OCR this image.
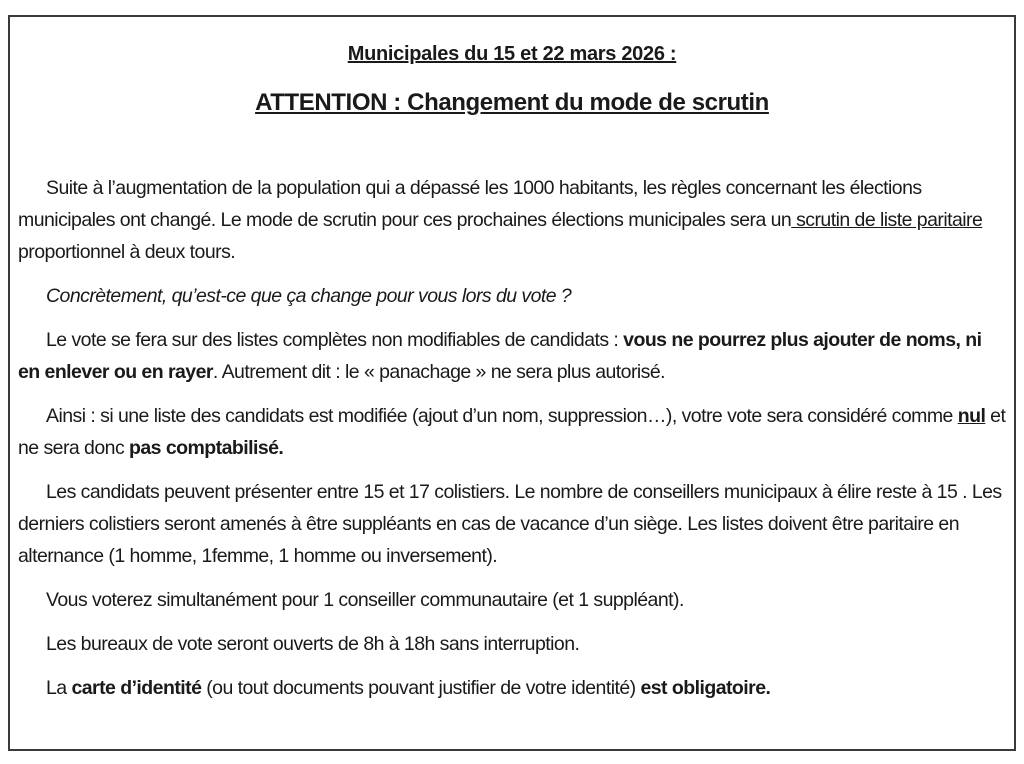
Municipales du 15 et 22 mars 2026 :
ATTENTION : Changement du mode de scrutin

Suite à l’augmentation de la population qui a dépassé les 1000 habitants, les règles concernant les élections municipales ont changé. Le mode de scrutin pour ces prochaines élections municipales sera un scrutin de liste paritaire proportionnel à deux tours.

Concrètement, qu’est-ce que ça change pour vous lors du vote ?

Le vote se fera sur des listes complètes non modifiables de candidats : vous ne pourrez plus ajouter de noms, ni en enlever ou en rayer. Autrement dit : le « panachage » ne sera plus autorisé.

Ainsi : si une liste des candidats est modifiée (ajout d’un nom, suppression…), votre vote sera considéré comme nul et ne sera donc pas comptabilisé.

Les candidats peuvent présenter entre 15 et 17 colistiers. Le nombre de conseillers municipaux à élire reste à 15 . Les derniers colistiers seront amenés à être suppléants en cas de vacance d’un siège. Les listes doivent être paritaire en alternance (1 homme, 1femme, 1 homme ou inversement).

Vous voterez simultanément pour 1 conseiller communautaire (et 1 suppléant).

Les bureaux de vote seront ouverts de 8h à 18h sans interruption.

La carte d’identité (ou tout documents pouvant justifier de votre identité) est obligatoire.
